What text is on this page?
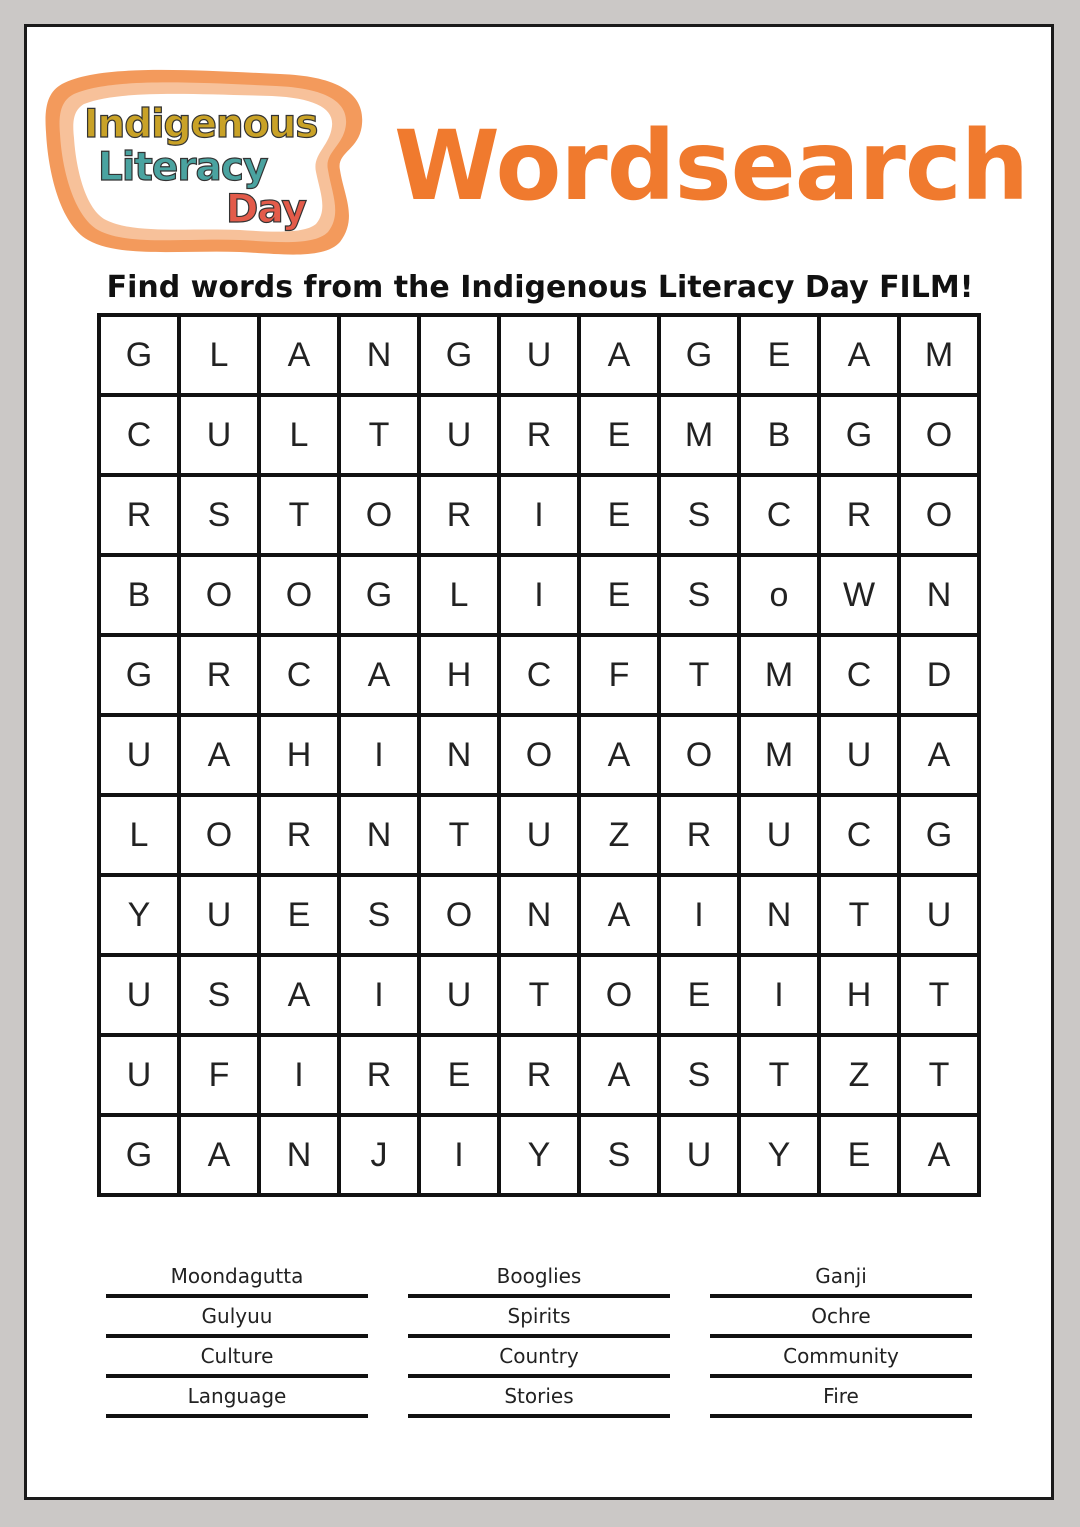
Indigenous
Literacy
Day Wordsearch
Find words from the Indigenous Literacy Day FILM!
G	L	A	N	G	U	A	G	E	A	M
C	U	L	T	U	R	E	M	B	G	O
R	S	T	O	R	I	E	S	C	R	O
B	O	O	G	L	I	E	S	o	W	N
G	R	C	A	H	C	F	T	M	C	D
U	A	H	I	N	O	A	O	M	U	A
L	O	R	N	T	U	Z	R	U	C	G
Y	U	E	S	O	N	A	I	N	T	U
U	S	A	I	U	T	O	E	I	H	T
U	F	I	R	E	R	A	S	T	Z	T
G	A	N	J	I	Y	S	U	Y	E	A
Moondagutta
Gulyuu
Culture
Language
Booglies
Spirits
Country
Stories
Ganji
Ochre
Community
Fire
